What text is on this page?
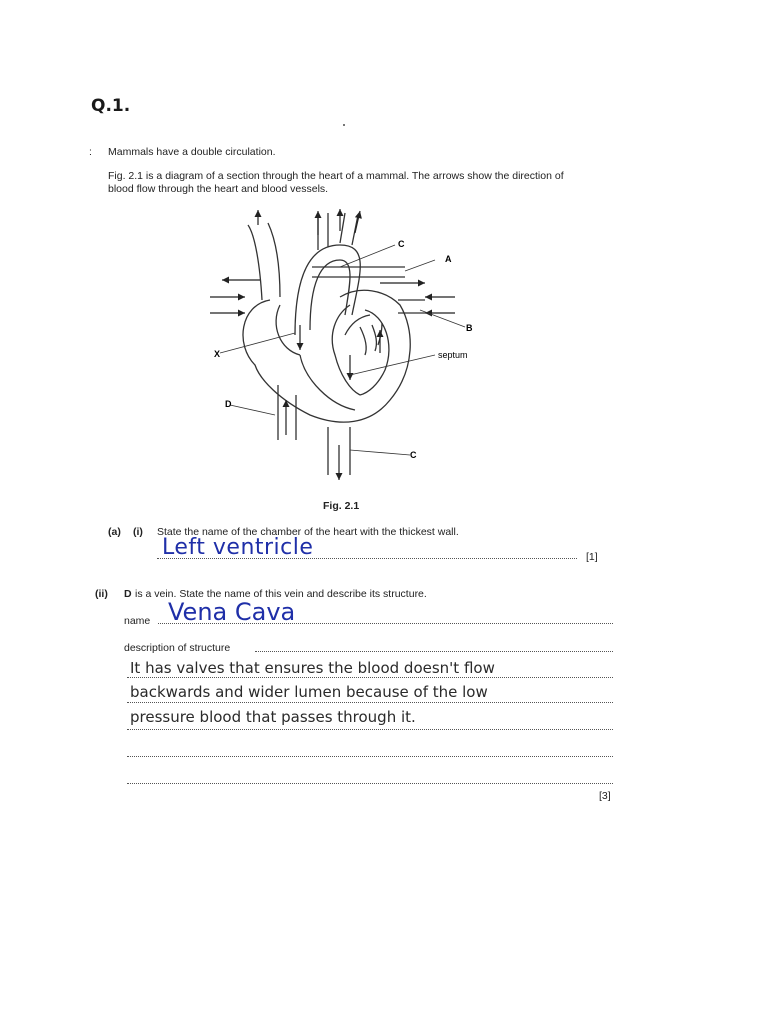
Q.1.
: Mammals have a double circulation.
Fig. 2.1 is a diagram of a section through the heart of a mammal. The arrows show the direction of
blood flow through the heart and blood vessels.
C
A
B
X	septum
D
C
Fig. 2.1
(a) (i) State the name of the chamber of the heart with the thickest wall.
Left ventricle	[1]
(ii) D is a vein. State the name of this vein and describe its structure.
name Vena Cava
description of structure
It has valves that ensures the blood doesn't flow
backwards and wider lumen because of the low
pressure blood that passes through it.
[3]
